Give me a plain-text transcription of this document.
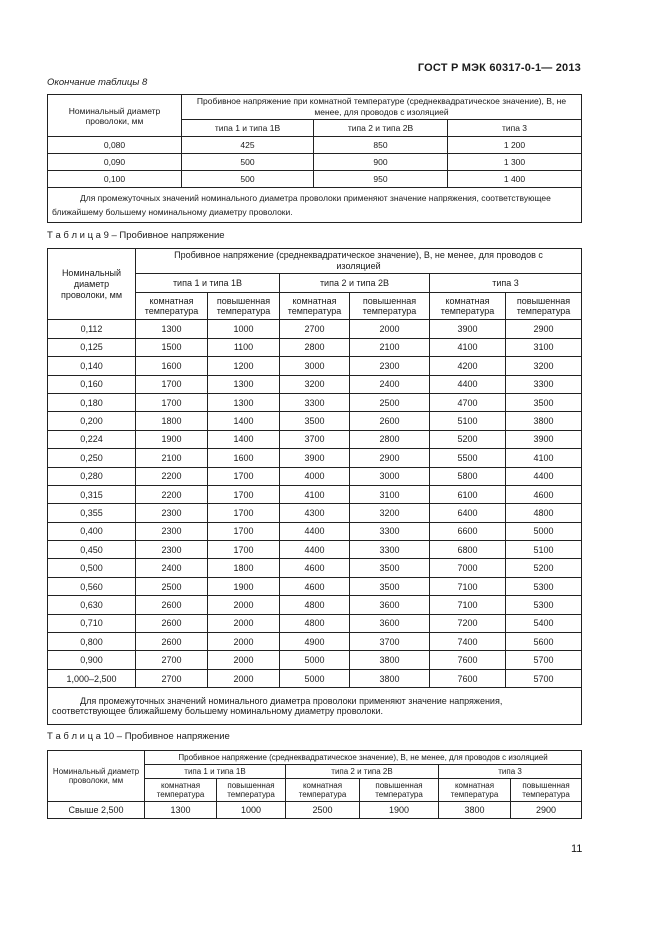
ГОСТ Р МЭК 60317-0-1— 2013
Окончание таблицы 8
Номинальный диаметр проволоки, мм	Пробивное напряжение при комнатной температуре (среднеквадратическое значение), В, не менее, для проводов с изоляцией		
	типа 1 и типа 1В	типа 2 и типа 2В	типа 3
0,080	425	850	1 200
0,090	500	900	1 300
0,100	500	950	1 400
Для промежуточных значений номинального диаметра проволоки применяют значение напряжения, соответствующее ближайшему большему номинальному диаметру проволоки.			
Т а б л и ц а 9 – Пробивное напряжение
Номинальный диаметр проволоки, мм	Пробивное напряжение (среднеквадратическое значение), В, не менее, для проводов с изоляцией					
	типа 1 и типа 1В		типа 2 и типа 2В		типа 3	
	комнатная температура	повышенная температура	комнатная температура	повышенная температура	комнатная температура	повышенная температура
0,112	1300	1000	2700	2000	3900	2900
0,125	1500	1100	2800	2100	4100	3100
0,140	1600	1200	3000	2300	4200	3200
0,160	1700	1300	3200	2400	4400	3300
0,180	1700	1300	3300	2500	4700	3500
0,200	1800	1400	3500	2600	5100	3800
0,224	1900	1400	3700	2800	5200	3900
0,250	2100	1600	3900	2900	5500	4100
0,280	2200	1700	4000	3000	5800	4400
0,315	2200	1700	4100	3100	6100	4600
0,355	2300	1700	4300	3200	6400	4800
0,400	2300	1700	4400	3300	6600	5000
0,450	2300	1700	4400	3300	6800	5100
0,500	2400	1800	4600	3500	7000	5200
0,560	2500	1900	4600	3500	7100	5300
0,630	2600	2000	4800	3600	7100	5300
0,710	2600	2000	4800	3600	7200	5400
0,800	2600	2000	4900	3700	7400	5600
0,900	2700	2000	5000	3800	7600	5700
1,000–2,500	2700	2000	5000	3800	7600	5700
Для промежуточных значений номинального диаметра проволоки применяют значение напряжения, соответствующее ближайшему большему номинальному диаметру проволоки.						
Т а б л и ц а 10 – Пробивное напряжение
Номинальный диаметр проволоки, мм	Пробивное напряжение (среднеквадратическое значение), В, не менее, для проводов с изоляцией					
	типа 1 и типа 1В		типа 2 и типа 2В		типа 3	
	комнатная температура	повышенная температура	комнатная температура	повышенная температура	комнатная температура	повышенная температура
Свыше 2,500	1300	1000	2500	1900	3800	2900
11
